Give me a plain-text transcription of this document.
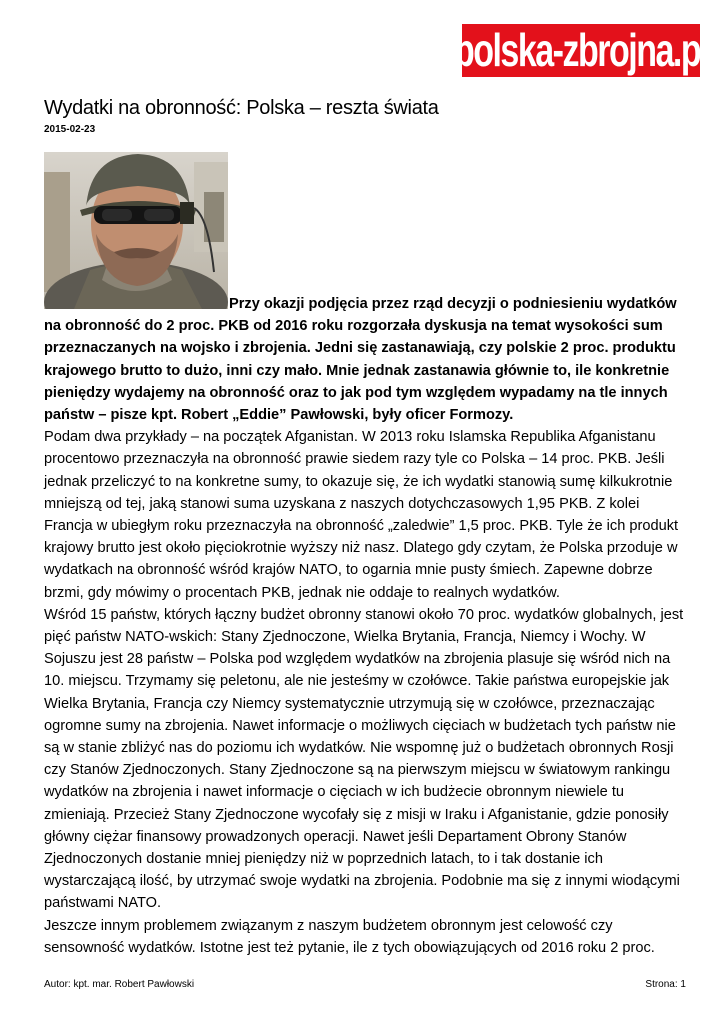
polska-zbrojna.pl
Wydatki na obronność: Polska – reszta świata
2015-02-23

Przy okazji podjęcia przez rząd decyzji o podniesieniu wydatków na obronność do 2 proc. PKB od 2016 roku rozgorzała dyskusja na temat wysokości sum przeznaczanych na wojsko i zbrojenia. Jedni się zastanawiają, czy polskie 2 proc. produktu krajowego brutto to dużo, inni czy mało. Mnie jednak zastanawia głównie to, ile konkretnie pieniędzy wydajemy na obronność oraz to jak pod tym względem wypadamy na tle innych państw – pisze kpt. Robert „Eddie” Pawłowski, były oficer Formozy.

Podam dwa przykłady – na początek Afganistan. W 2013 roku Islamska Republika Afganistanu procentowo przeznaczyła na obronność prawie siedem razy tyle co Polska – 14 proc. PKB. Jeśli jednak przeliczyć to na konkretne sumy, to okazuje się, że ich wydatki stanowią sumę kilkukrotnie mniejszą od tej, jaką stanowi suma uzyskana z naszych dotychczasowych 1,95 PKB. Z kolei Francja w ubiegłym roku przeznaczyła na obronność „zaledwie” 1,5 proc. PKB. Tyle że ich produkt krajowy brutto jest około pięciokrotnie wyższy niż nasz. Dlatego gdy czytam, że Polska przoduje w wydatkach na obronność wśród krajów NATO, to ogarnia mnie pusty śmiech. Zapewne dobrze brzmi, gdy mówimy o procentach PKB, jednak nie oddaje to realnych wydatków.

Wśród 15 państw, których łączny budżet obronny stanowi około 70 proc. wydatków globalnych, jest pięć państw NATO-wskich: Stany Zjednoczone, Wielka Brytania, Francja, Niemcy i Wochy. W Sojuszu jest 28 państw – Polska pod względem wydatków na zbrojenia plasuje się wśród nich na 10. miejscu. Trzymamy się peletonu, ale nie jesteśmy w czołówce. Takie państwa europejskie jak Wielka Brytania, Francja czy Niemcy systematycznie utrzymują się w czołówce, przeznaczając ogromne sumy na zbrojenia. Nawet informacje o możliwych cięciach w budżetach tych państw nie są w stanie zbliżyć nas do poziomu ich wydatków. Nie wspomnę już o budżetach obronnych Rosji czy Stanów Zjednoczonych. Stany Zjednoczone są na pierwszym miejscu w światowym rankingu wydatków na zbrojenia i nawet informacje o cięciach w ich budżecie obronnym niewiele tu zmieniają. Przecież Stany Zjednoczone wycofały się z misji w Iraku i Afganistanie, gdzie ponosiły główny ciężar finansowy prowadzonych operacji. Nawet jeśli Departament Obrony Stanów Zjednoczonych dostanie mniej pieniędzy niż w poprzednich latach, to i tak dostanie ich wystarczającą ilość, by utrzymać swoje wydatki na zbrojenia. Podobnie ma się z innymi wiodącymi państwami NATO.

Jeszcze innym problemem związanym z naszym budżetem obronnym jest celowość czy sensowność wydatków. Istotne jest też pytanie, ile z tych obowiązujących od 2016 roku 2 proc.

Autor: kpt. mar. Robert Pawłowski	Strona: 1
